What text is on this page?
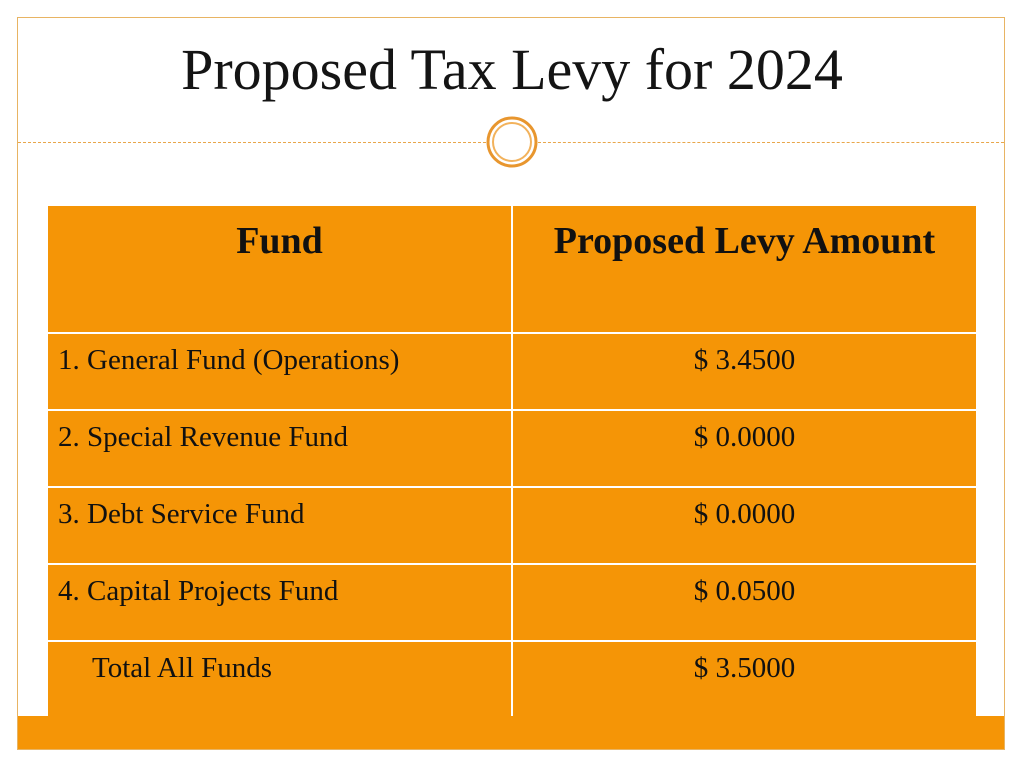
Proposed Tax Levy for 2024
Fund	Proposed Levy Amount
1. General Fund (Operations)	$ 3.4500
2. Special Revenue Fund	$ 0.0000
3. Debt Service Fund	$ 0.0000
4. Capital Projects Fund	$ 0.0500
Total All Funds	$ 3.5000
